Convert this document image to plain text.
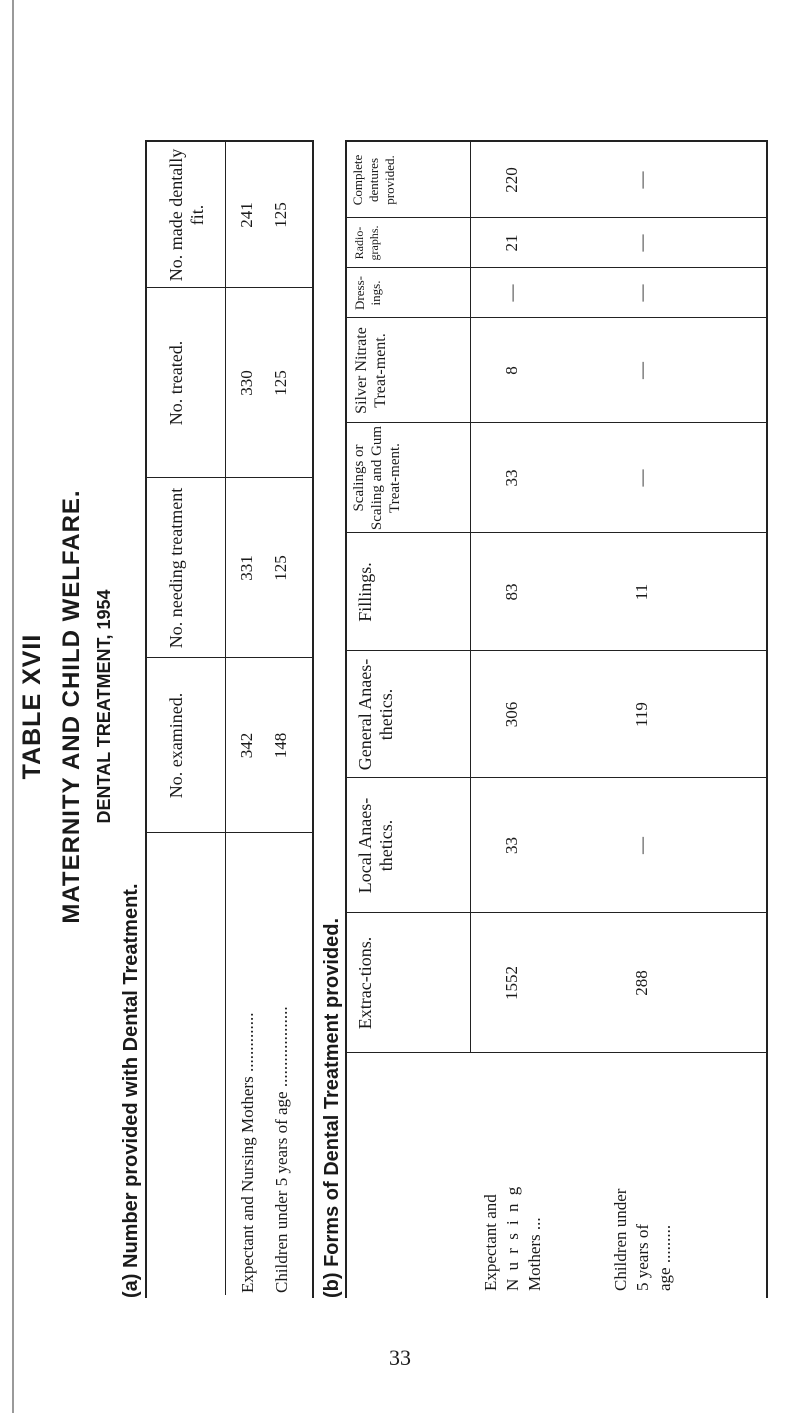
TABLE XVII MATERNITY AND CHILD WELFARE. DENTAL TREATMENT, 1954
(a) Number provided with Dental Treatment.
No. examined.
No. needing treatment
No. treated.
No. made dentally fit.
Expectant and Nursing Mothers ..............
342
331
330
241
Children under 5 years of age ...................
148
125
125
125
(b) Forms of Dental Treatment provided. Extrac-tions.
Local Anaes-thetics.
General Anaes-thetics.
Fillings.
Scalings or Scaling and Gum Treat-ment.
Silver Nitrate Treat-ment.
Dress-ings.
Radio-graphs.
Complete dentures provided.
Expectant and N u r s i n g Mothers ...	Children under 5 years of age .........
1552
33
306
83
33
8
—
21
220
288
—
119
11
—
—
—
—
—
33
